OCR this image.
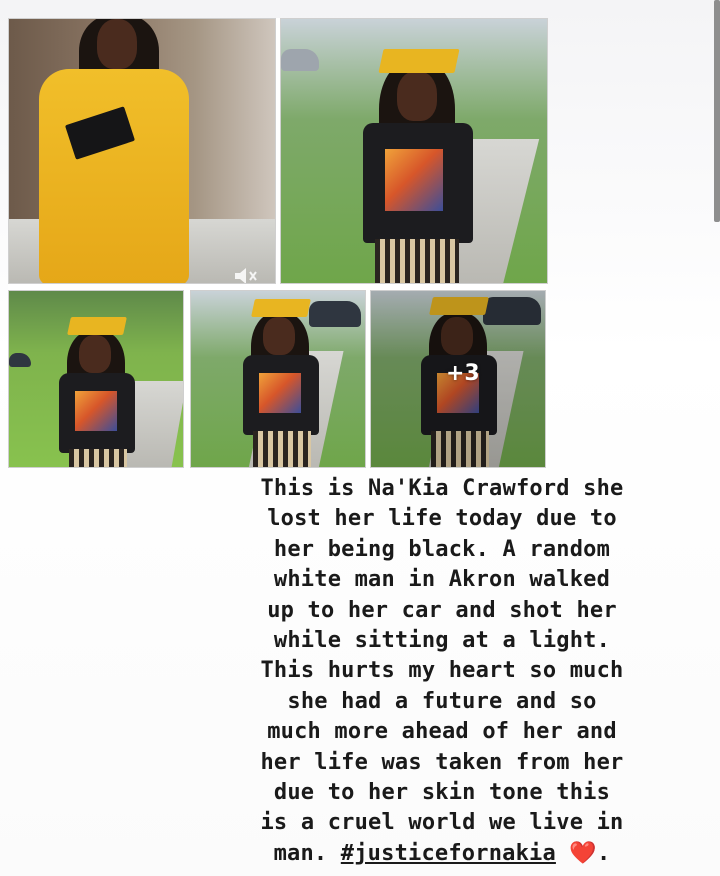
+3
This is Na'Kia Crawford she
lost her life today due to
her being black. A random
white man in Akron walked
up to her car and shot her
while sitting at a light.
This hurts my heart so much
she had a future and so
much more ahead of her and
her life was taken from her
due to her skin tone this
is a cruel world we live in
man. #justicefornakia ❤️.
